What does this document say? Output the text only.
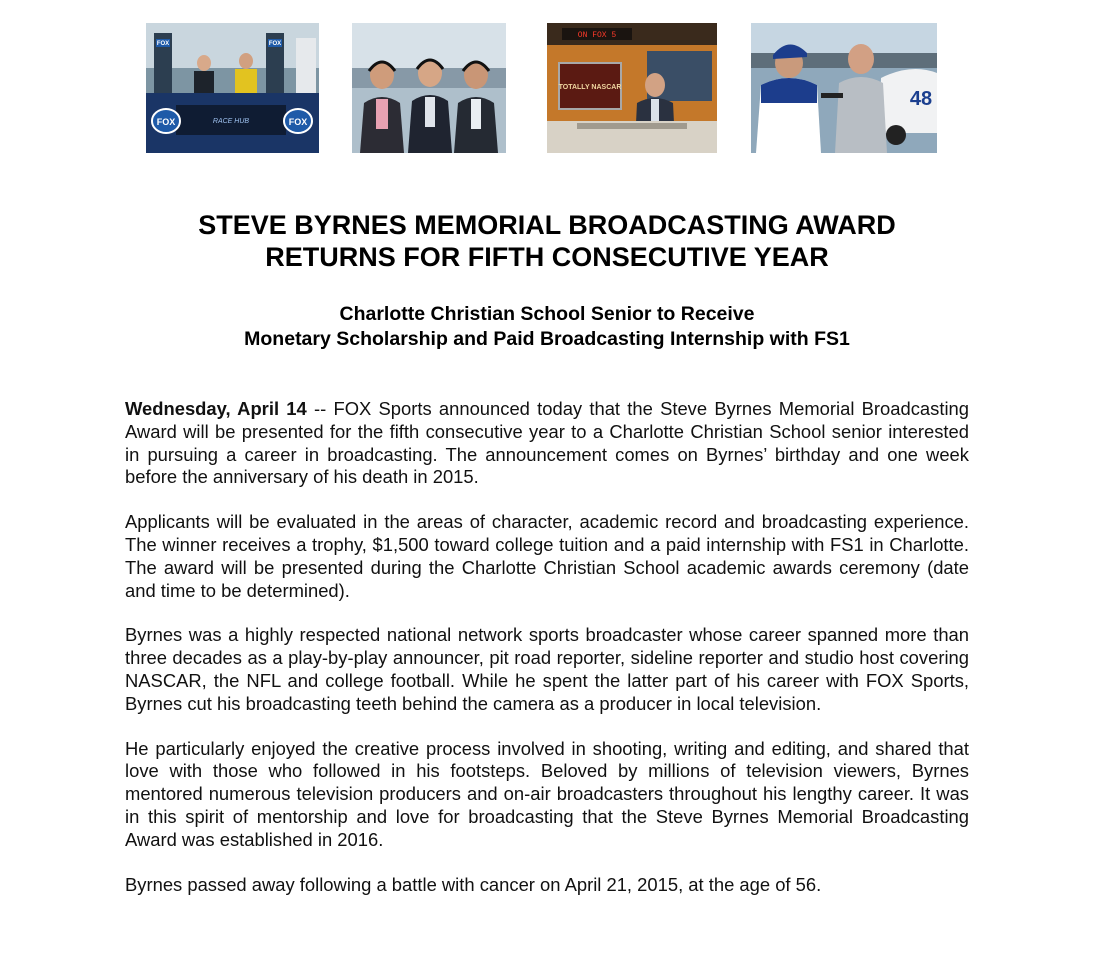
FOX	FOX
FOX	FOX
RACE HUB
ON FOX 5
TOTALLY NASCAR
48
STEVE BYRNES MEMORIAL BROADCASTING AWARD
RETURNS FOR FIFTH CONSECUTIVE YEAR
Charlotte Christian School Senior to Receive
Monetary Scholarship and Paid Broadcasting Internship with FS1

Wednesday, April 14 -- FOX Sports announced today that the Steve Byrnes Memorial Broadcasting Award will be presented for the fifth consecutive year to a Charlotte Christian School senior interested in pursuing a career in broadcasting. The announcement comes on Byrnes’ birthday and one week before the anniversary of his death in 2015.

Applicants will be evaluated in the areas of character, academic record and broadcasting experience. The winner receives a trophy, $1,500 toward college tuition and a paid internship with FS1 in Charlotte. The award will be presented during the Charlotte Christian School academic awards ceremony (date and time to be determined).

Byrnes was a highly respected national network sports broadcaster whose career spanned more than three decades as a play-by-play announcer, pit road reporter, sideline reporter and studio host covering NASCAR, the NFL and college football. While he spent the latter part of his career with FOX Sports, Byrnes cut his broadcasting teeth behind the camera as a producer in local television.

He particularly enjoyed the creative process involved in shooting, writing and editing, and shared that love with those who followed in his footsteps. Beloved by millions of television viewers, Byrnes mentored numerous television producers and on-air broadcasters throughout his lengthy career. It was in this spirit of mentorship and love for broadcasting that the Steve Byrnes Memorial Broadcasting Award was established in 2016.

Byrnes passed away following a battle with cancer on April 21, 2015, at the age of 56.
